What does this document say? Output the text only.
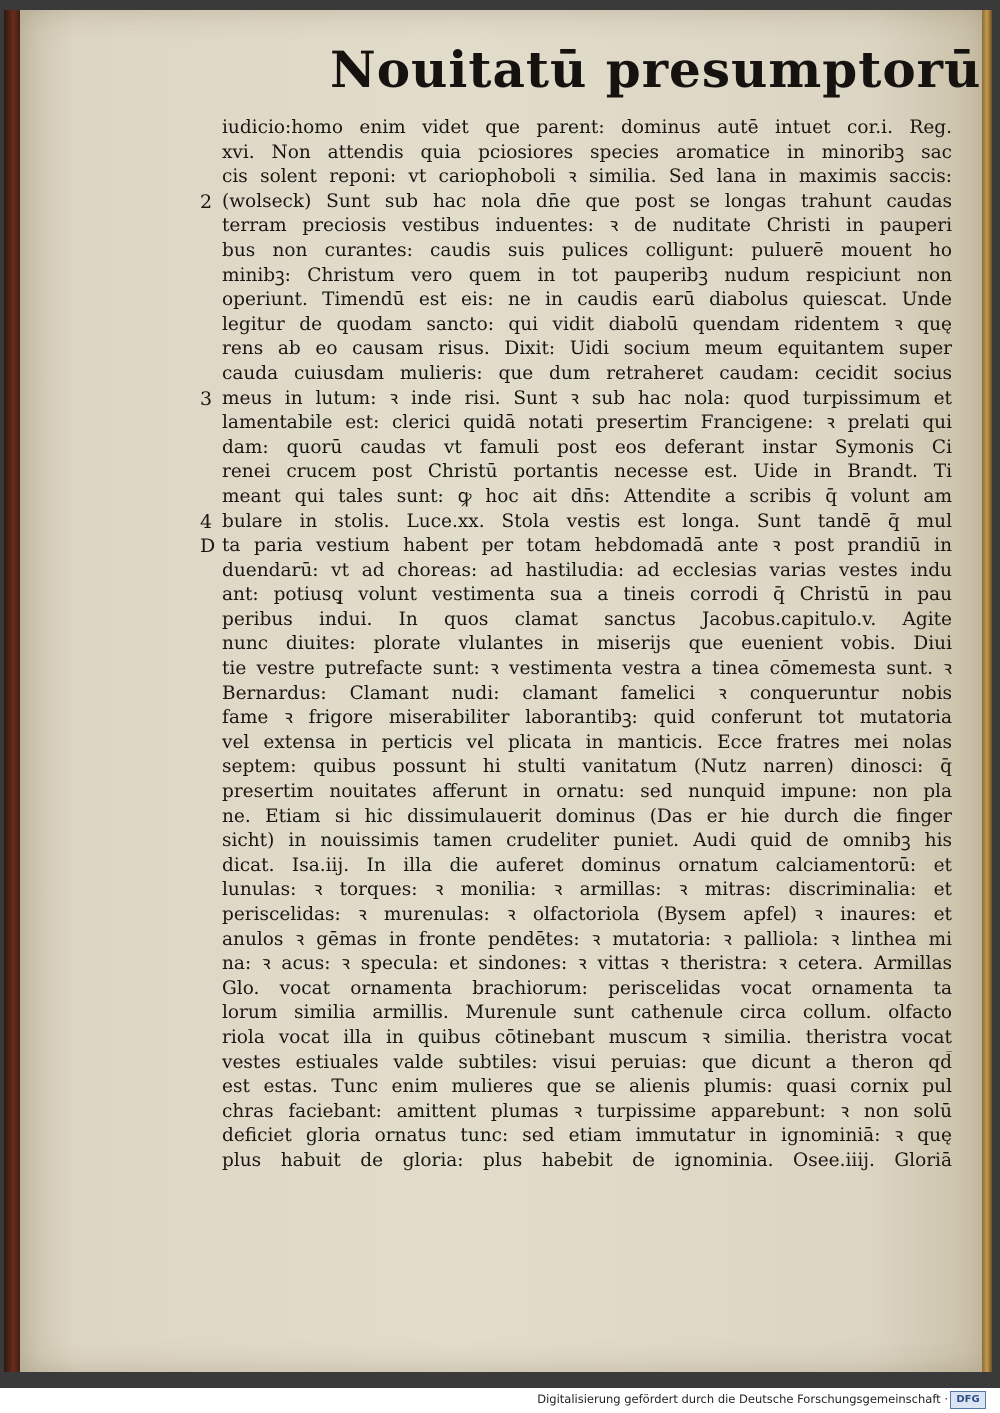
Nouitatū presumptorū
iudicio:homo enim videt que parent: dominus autē intuet cor.i. Reg.
xvi. Non attendis quia pciosiores species aromatice in minoribꝫ sac
cis solent reponi: vt cariophoboli ꝛ similia. Sed lana in maximis saccis:
(wolseck) Sunt sub hac nola dn̄e que post se longas trahunt caudas
terram preciosis vestibus induentes: ꝛ de nuditate Christi in pauperi
bus non curantes: caudis suis pulices colligunt: puluerē mouent ho
minibꝫ: Christum vero quem in tot pauperibꝫ nudum respiciunt non
operiunt. Timendū est eis: ne in caudis earū diabolus quiescat. Unde
legitur de quodam sancto: qui vidit diabolū quendam ridentem ꝛ quę
rens ab eo causam risus. Dixit: Uidi socium meum equitantem super
cauda cuiusdam mulieris: que dum retraheret caudam: cecidit socius
meus in lutum: ꝛ inde risi. Sunt ꝛ sub hac nola: quod turpissimum et
lamentabile est: clerici quidā notati presertim Francigene: ꝛ prelati qui
dam: quorū caudas vt famuli post eos deferant instar Symonis Ci
renei crucem post Christū portantis necesse est. Uide in Brandt. Ti
meant qui tales sunt: ꝙ hoc ait dn̄s: Attendite a scribis q̄ volunt am
bulare in stolis. Luce.xx. Stola vestis est longa. Sunt tandē q̄ mul
ta paria vestium habent per totam hebdomadā ante ꝛ post prandiū in
duendarū: vt ad choreas: ad hastiludia: ad ecclesias varias vestes indu
ant: potiusq̧ volunt vestimenta sua a tineis corrodi q̄ Christū in pau
peribus indui. In quos clamat sanctus Jacobus.capitulo.v. Agite
nunc diuites: plorate vlulantes in miserijs que euenient vobis. Diui
tie vestre putrefacte sunt: ꝛ vestimenta vestra a tinea cōmemesta sunt. ꝛ
Bernardus: Clamant nudi: clamant famelici ꝛ conqueruntur nobis
fame ꝛ frigore miserabiliter laborantibꝫ: quid conferunt tot mutatoria
vel extensa in perticis vel plicata in manticis. Ecce fratres mei nolas
septem: quibus possunt hi stulti vanitatum (Nutz narren) dinosci: q̄
presertim nouitates afferunt in ornatu: sed nunquid impune: non pla
ne. Etiam si hic dissimulauerit dominus (Das er hie durch die finger
sicht) in nouissimis tamen crudeliter puniet. Audi quid de omnibꝫ his
dicat. Isa.iij. In illa die auferet dominus ornatum calciamentorū: et
lunulas: ꝛ torques: ꝛ monilia: ꝛ armillas: ꝛ mitras: discriminalia: et
periscelidas: ꝛ murenulas: ꝛ olfactoriola (Bysem apfel) ꝛ inaures: et
anulos ꝛ gēmas in fronte pendētes: ꝛ mutatoria: ꝛ palliola: ꝛ linthea mi
na: ꝛ acus: ꝛ specula: et sindones: ꝛ vittas ꝛ theristra: ꝛ cetera. Armillas
Glo. vocat ornamenta brachiorum: periscelidas vocat ornamenta ta
lorum similia armillis. Murenule sunt cathenule circa collum. olfacto
riola vocat illa in quibus cōtinebant muscum ꝛ similia. theristra vocat
vestes estiuales valde subtiles: visui peruias: que dicunt a theron qd̄
est estas. Tunc enim mulieres que se alienis plumis: quasi cornix pul
chras faciebant: amittent plumas ꝛ turpissime apparebunt: ꝛ non solū
deficiet gloria ornatus tunc: sed etiam immutatur in ignominiā: ꝛ quę
plus habuit de gloria: plus habebit de ignominia. Osee.iiij. Gloriā
2
3
4
D
Digitalisierung gefördert durch die Deutsche Forschungsgemeinschaft · DFG
